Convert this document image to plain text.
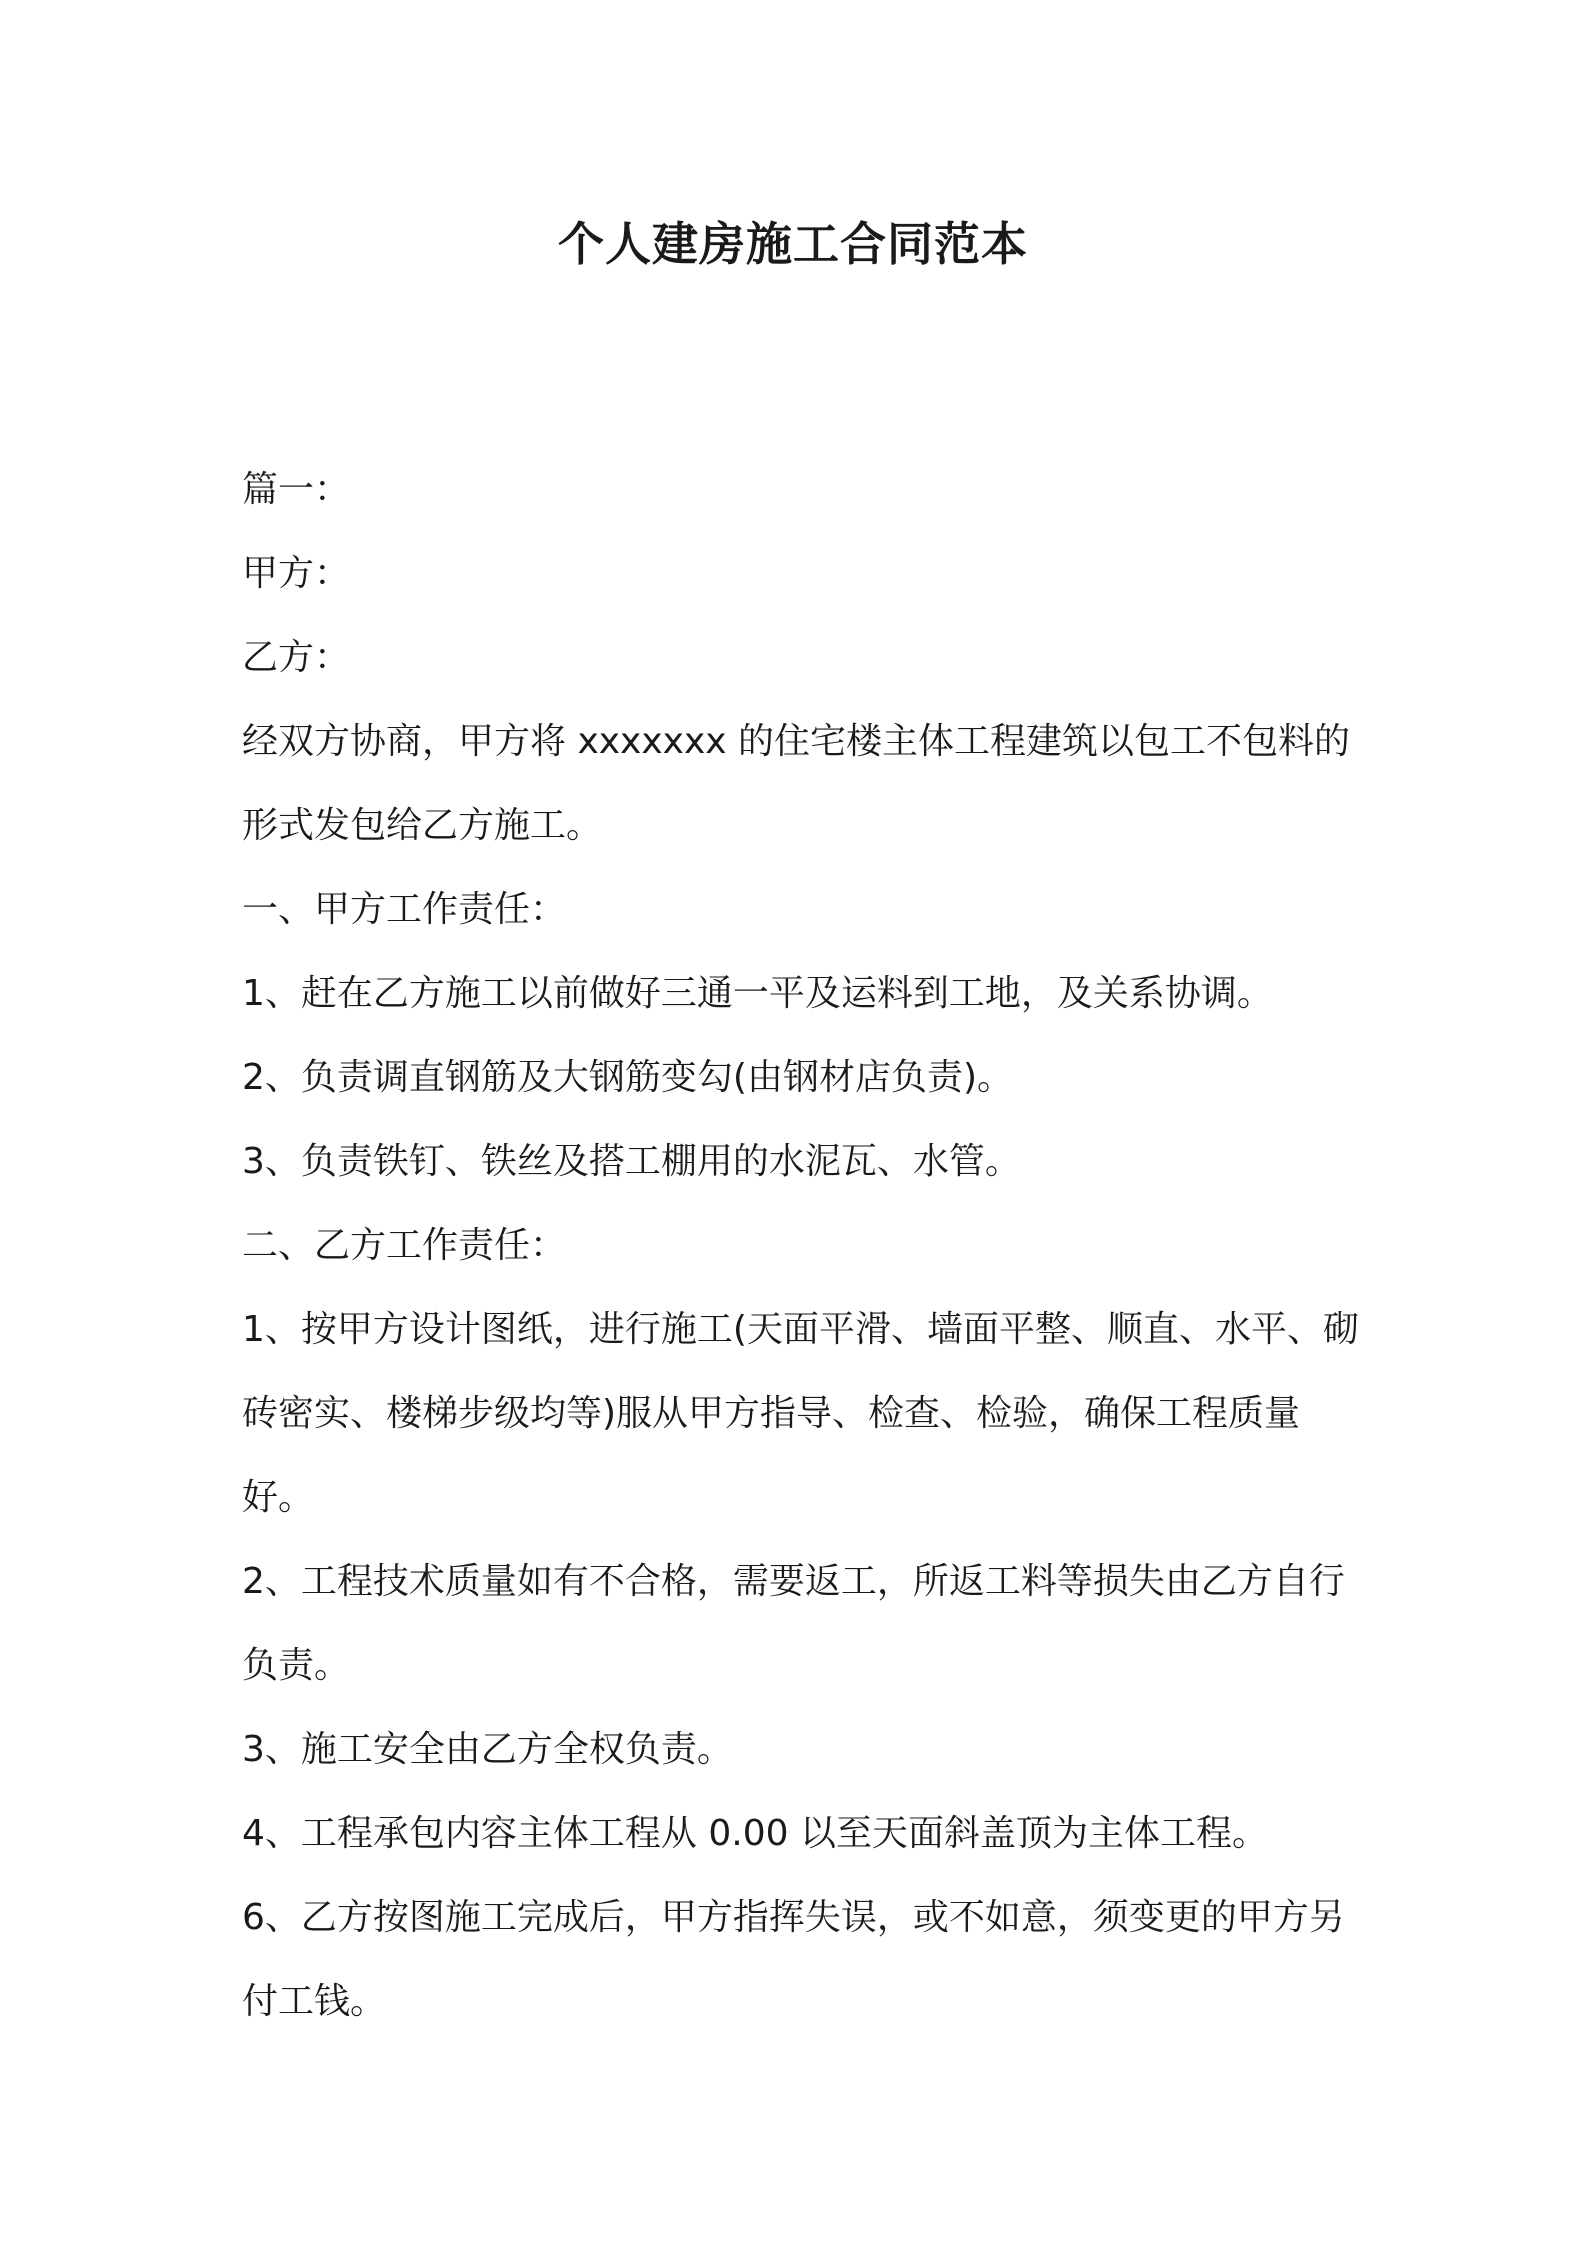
个人建房施工合同范本

篇一：

甲方：

乙方：

经双方协商，甲方将 xxxxxxx 的住宅楼主体工程建筑以包工不包料的形式发包给乙方施工。

一、甲方工作责任：

1、赶在乙方施工以前做好三通一平及运料到工地，及关系协调。

2、负责调直钢筋及大钢筋变勾(由钢材店负责)。

3、负责铁钉、铁丝及搭工棚用的水泥瓦、水管。

二、乙方工作责任：

1、按甲方设计图纸，进行施工(天面平滑、墙面平整、顺直、水平、砌砖密实、楼梯步级均等)服从甲方指导、检查、检验，确保工程质量好。

2、工程技术质量如有不合格，需要返工，所返工料等损失由乙方自行负责。

3、施工安全由乙方全权负责。

4、工程承包内容主体工程从 0.00 以至天面斜盖顶为主体工程。

6、乙方按图施工完成后，甲方指挥失误，或不如意，须变更的甲方另付工钱。
